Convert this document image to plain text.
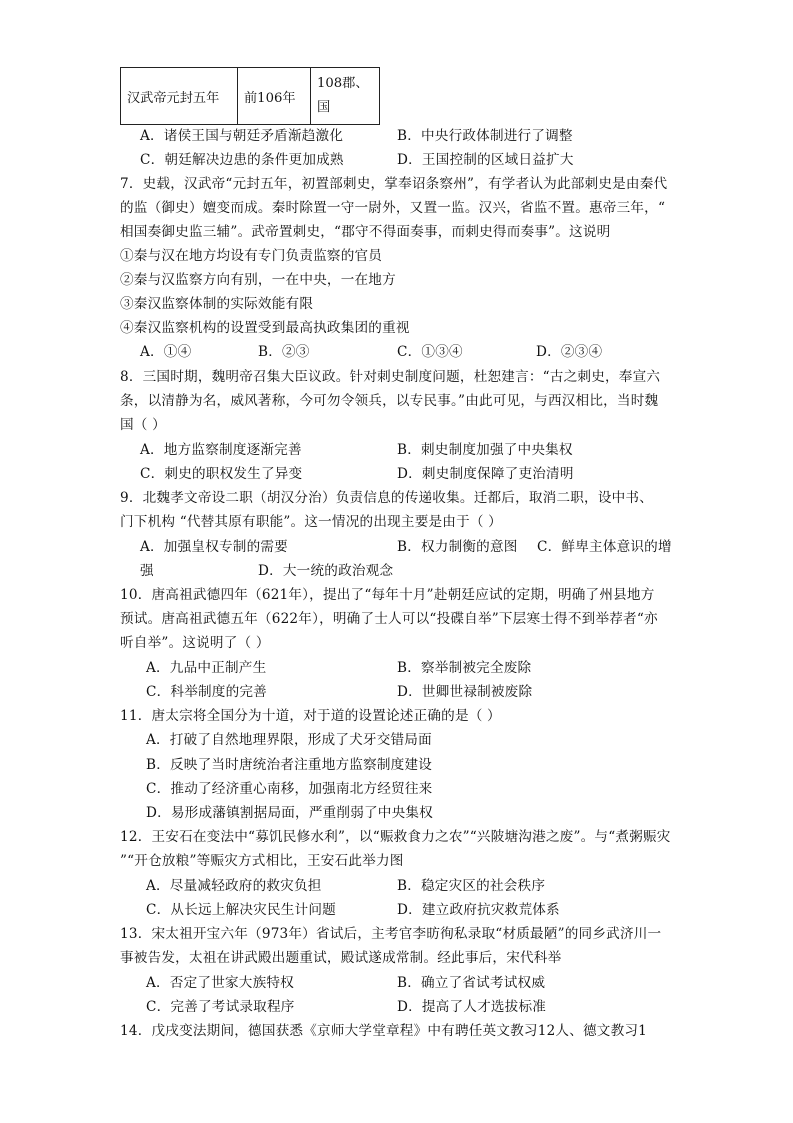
汉武帝元封五年	前106年	108郡、
国
A．诸侯王国与朝廷矛盾渐趋激化	B．中央行政体制进行了调整
C．朝廷解决边患的条件更加成熟	D．王国控制的区域日益扩大
7．史载，汉武帝“元封五年，初置部刺史，掌奉诏条察州”，有学者认为此部刺史是由秦代
的监（御史）嬗变而成。秦时除置一守一尉外，又置一监。汉兴，省监不置。惠帝三年，“
相国奏御史监三辅”。武帝置刺史，“郡守不得面奏事，而刺史得而奏事”。这说明
①秦与汉在地方均设有专门负责监察的官员
②秦与汉监察方向有别，一在中央，一在地方
③秦汉监察体制的实际效能有限
④秦汉监察机构的设置受到最高执政集团的重视
A．①④	B．②③	C．①③④	D．②③④
8．三国时期，魏明帝召集大臣议政。针对刺史制度问题，杜恕建言：“古之刺史，奉宣六
条，以清静为名，威风著称，今可勿令领兵，以专民事。”由此可见，与西汉相比，当时魏
国（ ）
A．地方监察制度逐渐完善	B．刺史制度加强了中央集权
C．刺史的职权发生了异变	D．刺史制度保障了吏治清明
9．北魏孝文帝设二职（胡汉分治）负责信息的传递收集。迁都后，取消二职，设中书、
门下机构 “代替其原有职能”。这一情况的出现主要是由于（ ）
A．加强皇权专制的需要	B．权力制衡的意图 C．鲜卑主体意识的增
强	D．大一统的政治观念
10．唐高祖武德四年（621年），提出了“每年十月”赴朝廷应试的定期，明确了州县地方
预试。唐高祖武德五年（622年），明确了士人可以“投碟自举”下层寒士得不到举荐者“亦
听自举”。这说明了（ ）
A．九品中正制产生	B．察举制被完全废除
C．科举制度的完善	D．世卿世禄制被废除
11．唐太宗将全国分为十道，对于道的设置论述正确的是（ ）
A．打破了自然地理界限，形成了犬牙交错局面
B．反映了当时唐统治者注重地方监察制度建设
C．推动了经济重心南移，加强南北方经贸往来
D．易形成藩镇割据局面，严重削弱了中央集权
12．王安石在变法中“募饥民修水利”，以“赈救食力之农”“兴陂塘沟港之废”。与“煮粥赈灾
”“开仓放粮”等赈灾方式相比，王安石此举力图
A．尽量减轻政府的救灾负担	B．稳定灾区的社会秩序
C．从长远上解决灾民生计问题	D．建立政府抗灾救荒体系
13．宋太祖开宝六年（973年）省试后，主考官李昉徇私录取“材质最陋”的同乡武济川一
事被告发，太祖在讲武殿出题重试，殿试遂成常制。经此事后，宋代科举
A．否定了世家大族特权	B．确立了省试考试权威
C．完善了考试录取程序	D．提高了人才选拔标准
14．戊戌变法期间，德国获悉《京师大学堂章程》中有聘任英文教习12人、德文教习1
